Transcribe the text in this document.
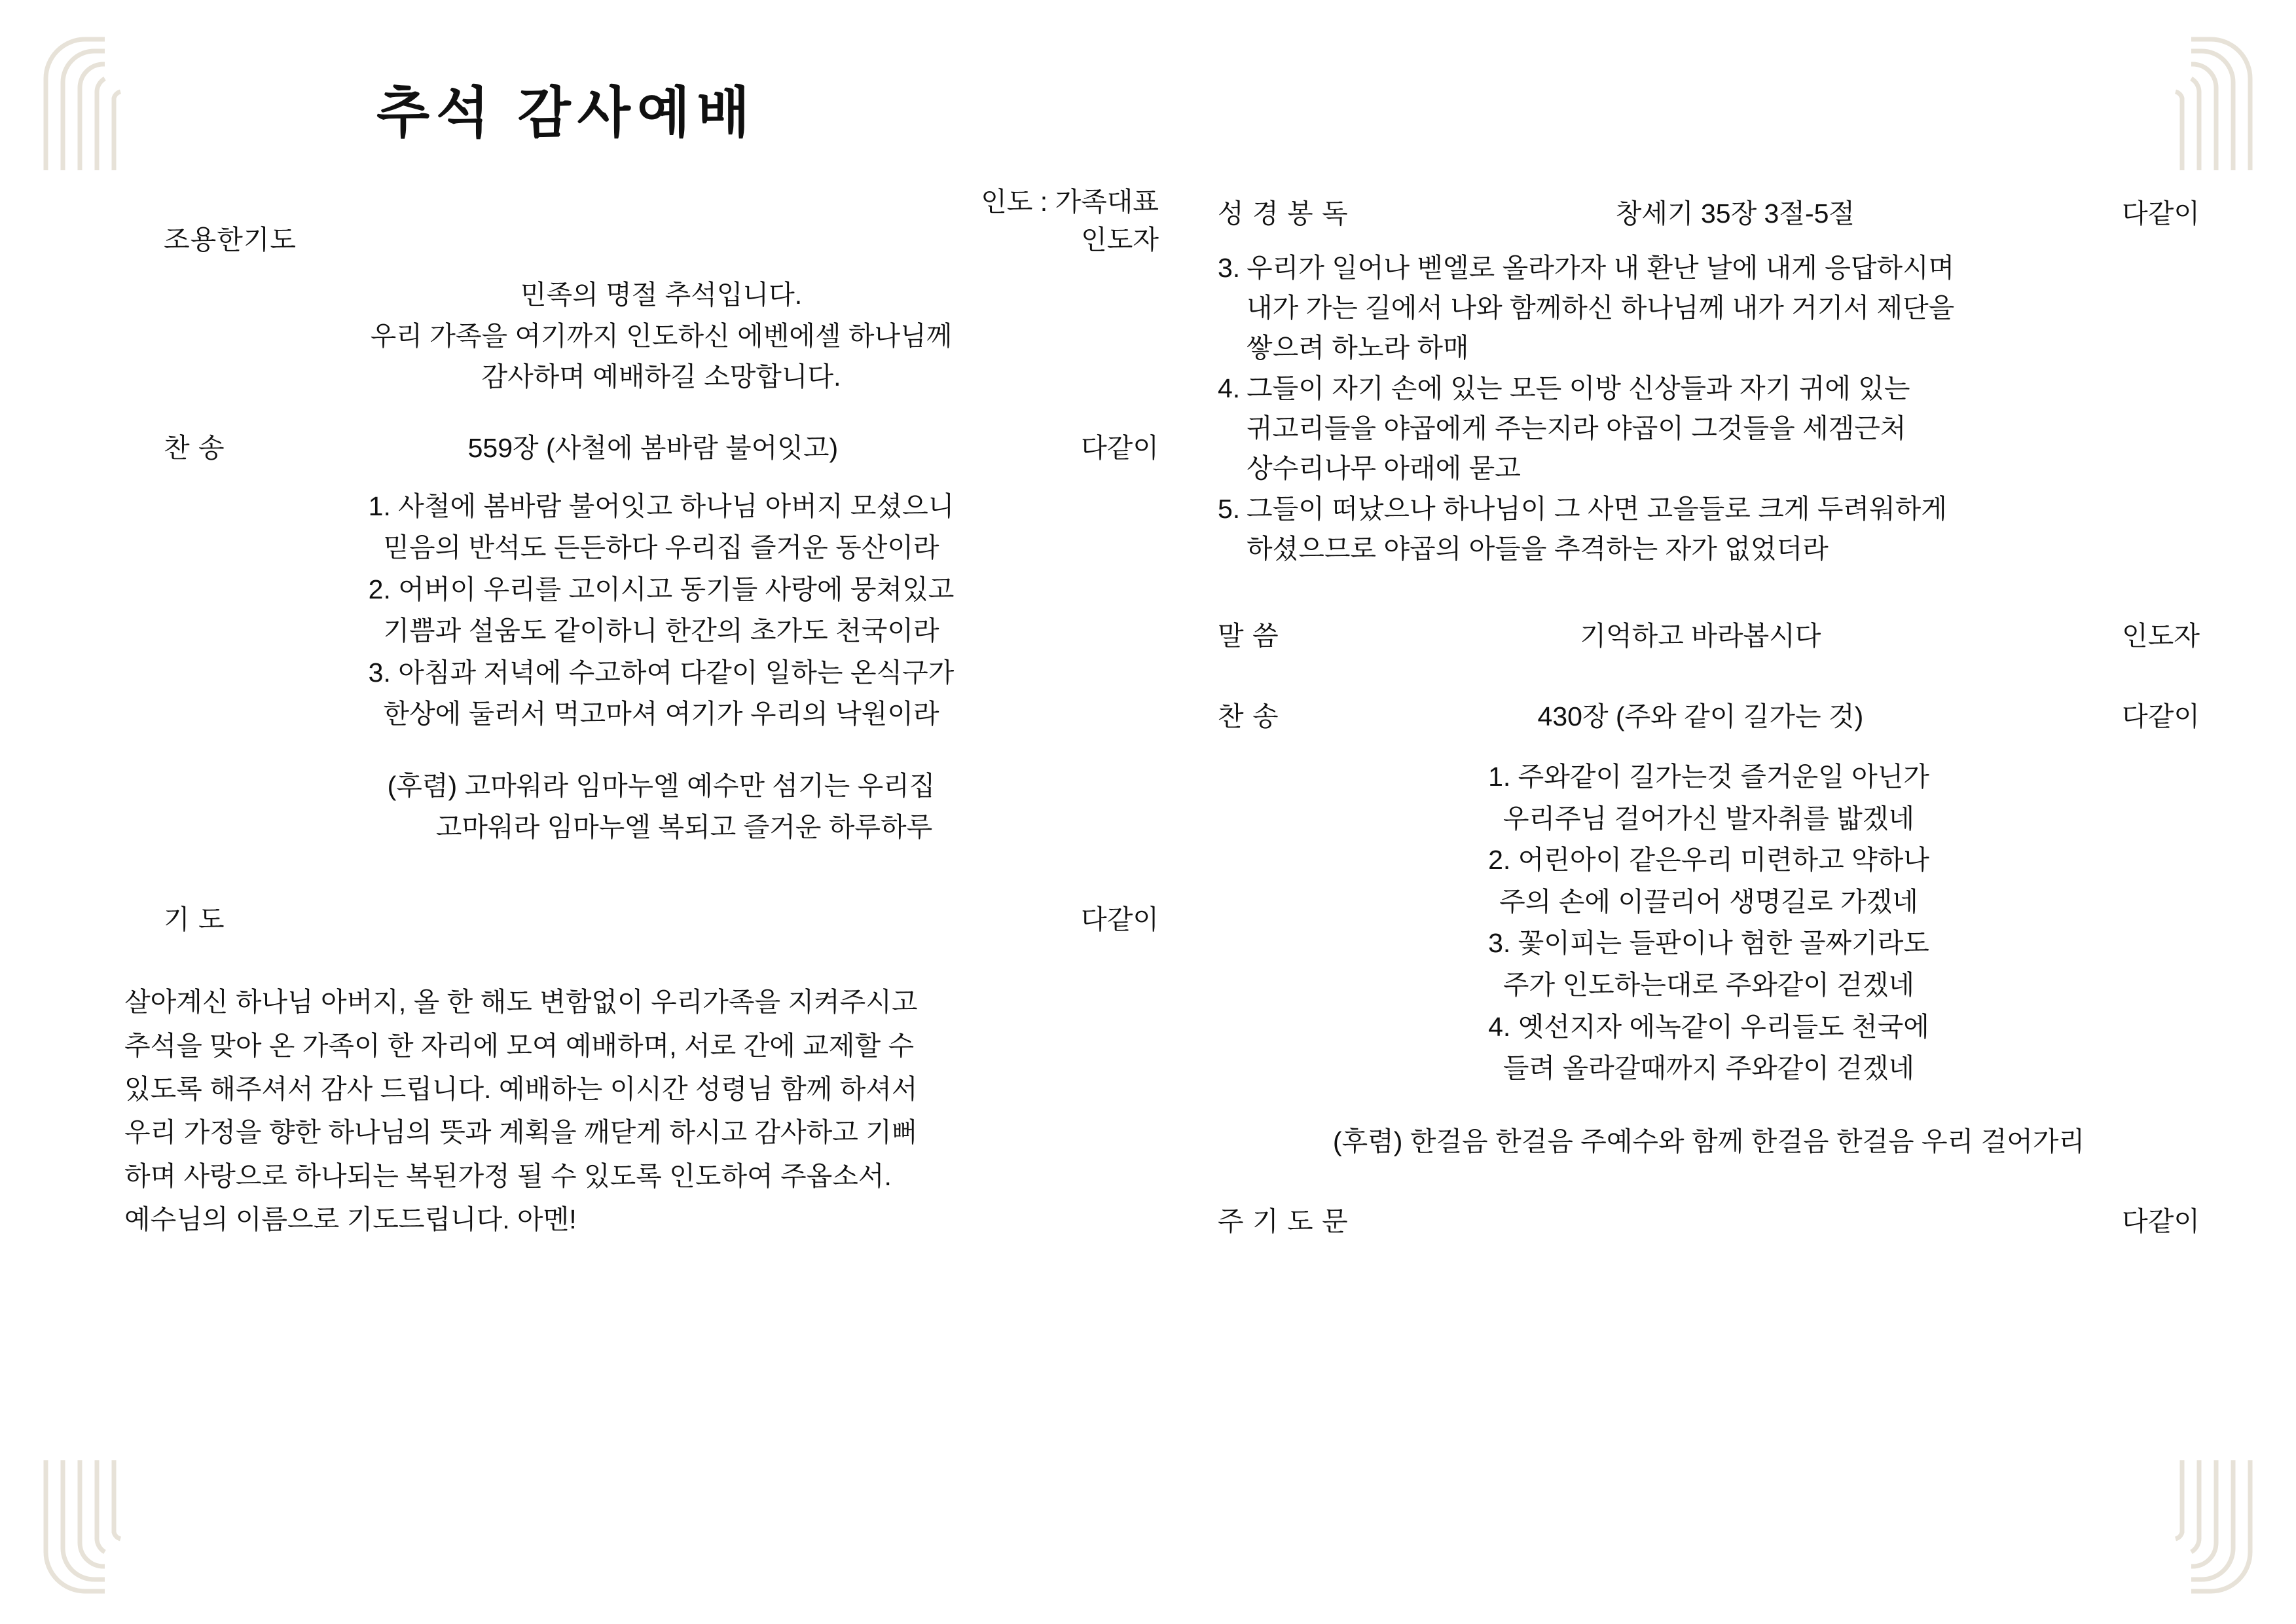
추석 감사예배
인도 : 가족대표
조용한기도	인도자
민족의 명절 추석입니다.
우리 가족을 여기까지 인도하신 에벤에셀 하나님께
감사하며 예배하길 소망합니다.
찬 송	559장 (사철에 봄바람 불어잇고)	다같이
1. 사철에 봄바람 불어잇고 하나님 아버지 모셨으니
믿음의 반석도 든든하다 우리집 즐거운 동산이라
2. 어버이 우리를 고이시고 동기들 사랑에 뭉쳐있고
기쁨과 설움도 같이하니 한간의 초가도 천국이라
3. 아침과 저녁에 수고하여 다같이 일하는 온식구가
한상에 둘러서 먹고마셔 여기가 우리의 낙원이라
(후렴) 고마워라 임마누엘 예수만 섬기는 우리집
고마워라 임마누엘 복되고 즐거운 하루하루
기 도	다같이
살아계신 하나님 아버지, 올 한 해도 변함없이 우리가족을 지켜주시고
추석을 맞아 온 가족이 한 자리에 모여 예배하며, 서로 간에 교제할 수
있도록 해주셔서 감사 드립니다. 예배하는 이시간 성령님 함께 하셔서
우리 가정을 향한 하나님의 뜻과 계획을 깨닫게 하시고 감사하고 기뻐
하며 사랑으로 하나되는 복된가정 될 수 있도록 인도하여 주옵소서.
예수님의 이름으로 기도드립니다. 아멘!
성 경 봉 독	창세기 35장 3절-5절	다같이
3. 우리가 일어나 벧엘로 올라가자 내 환난 날에 내게 응답하시며
내가 가는 길에서 나와 함께하신 하나님께 내가 거기서 제단을
쌓으려 하노라 하매
4. 그들이 자기 손에 있는 모든 이방 신상들과 자기 귀에 있는
귀고리들을 야곱에게 주는지라 야곱이 그것들을 세겜근처
상수리나무 아래에 묻고
5. 그들이 떠났으나 하나님이 그 사면 고을들로 크게 두려워하게
하셨으므로 야곱의 아들을 추격하는 자가 없었더라
말 씀	기억하고 바라봅시다	인도자
찬 송	430장 (주와 같이 길가는 것)	다같이
1. 주와같이 길가는것 즐거운일 아닌가
우리주님 걸어가신 발자취를 밟겠네
2. 어린아이 같은우리 미련하고 약하나
주의 손에 이끌리어 생명길로 가겠네
3. 꽃이피는 들판이나 험한 골짜기라도
주가 인도하는대로 주와같이 걷겠네
4. 옛선지자 에녹같이 우리들도 천국에
들려 올라갈때까지 주와같이 걷겠네
(후렴) 한걸음 한걸음 주예수와 함께 한걸음 한걸음 우리 걸어가리
주 기 도 문	다같이
